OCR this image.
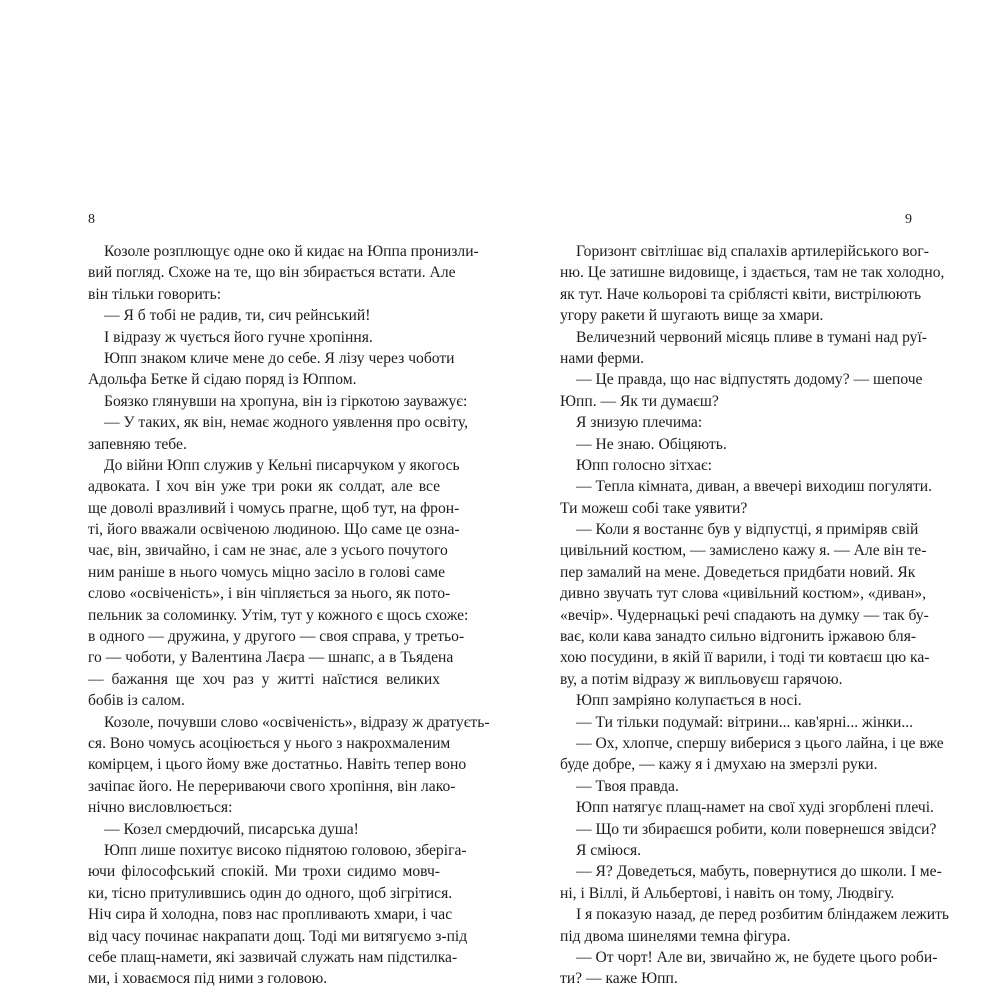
8
Козоле розплющує одне око й кидає на Юппа пронизли-
вий погляд. Схоже на те, що він збирається встати. Але
він тільки говорить:
— Я б тобі не радив, ти, сич рейнський!
І відразу ж чується його гучне хропіння.
Юпп знаком кличе мене до себе. Я лізу через чоботи
Адольфа Бетке й сідаю поряд із Юппом.
Боязко глянувши на хропуна, він із гіркотою зауважує:
— У таких, як він, немає жодного уявлення про освіту,
запевняю тебе.
До війни Юпп служив у Кельні писарчуком у якогось
адвоката. І хоч він уже три роки як солдат, але все
ще доволі вразливий і чомусь прагне, щоб тут, на фрон-
ті, його вважали освіченою людиною. Що саме це озна-
чає, він, звичайно, і сам не знає, але з усього почутого
ним раніше в нього чомусь міцно засіло в голові саме
слово «освіченість», і він чіпляється за нього, як пото-
пельник за соломинку. Утім, тут у кожного є щось схоже:
в одного — дружина, у другого — своя справа, у третьо-
го — чоботи, у Валентина Лаєра — шнапс, а в Тьядена
— бажання ще хоч раз у житті наїстися великих
бобів із салом.
Козоле, почувши слово «освіченість», відразу ж дратуєть-
ся. Воно чомусь асоціюється у нього з накрохмаленим
комірцем, і цього йому вже достатньо. Навіть тепер воно
зачіпає його. Не перериваючи свого хропіння, він лако-
нічно висловлюється:
— Козел смердючий, писарська душа!
Юпп лише похитує високо піднятою головою, зберіга-
ючи філософський спокій. Ми трохи сидимо мовч-
ки, тісно притулившись один до одного, щоб зігрітися.
Ніч сира й холодна, повз нас пропливають хмари, і час
від часу починає накрапати дощ. Тоді ми витягуємо з-під
себе плащ-намети, які зазвичай служать нам підстилка-
ми, і ховаємося під ними з головою.
9
Горизонт світлішає від спалахів артилерійського вог-
ню. Це затишне видовище, і здається, там не так холодно,
як тут. Наче кольорові та сріблясті квіти, вистрілюють
угору ракети й шугають вище за хмари.
Величезний червоний місяць пливе в тумані над руї-
нами ферми.
— Це правда, що нас відпустять додому? — шепоче
Юпп. — Як ти думаєш?
Я знизую плечима:
— Не знаю. Обіцяють.
Юпп голосно зітхає:
— Тепла кімната, диван, а ввечері виходиш погуляти.
Ти можеш собі таке уявити?
— Коли я востаннє був у відпустці, я приміряв свій
цивільний костюм, — замислено кажу я. — Але він те-
пер замалий на мене. Доведеться придбати новий. Як
дивно звучать тут слова «цивільний костюм», «диван»,
«вечір». Чудернацькі речі спадають на думку — так бу-
ває, коли кава занадто сильно відгонить іржавою бля-
хою посудини, в якій її варили, і тоді ти ковтаєш цю ка-
ву, а потім відразу ж випльовуєш гарячою.
Юпп замріяно колупається в носі.
— Ти тільки подумай: вітрини... кав'ярні... жінки...
— Ох, хлопче, спершу виберися з цього лайна, і це вже
буде добре, — кажу я і дмухаю на змерзлі руки.
— Твоя правда.
Юпп натягує плащ-намет на свої худі згорблені плечі.
— Що ти збираєшся робити, коли повернешся звідси?
Я сміюся.
— Я? Доведеться, мабуть, повернутися до школи. І ме-
ні, і Віллі, й Альбертові, і навіть он тому, Людвігу.
І я показую назад, де перед розбитим бліндажем лежить
під двома шинелями темна фігура.
— От чорт! Але ви, звичайно ж, не будете цього роби-
ти? — каже Юпп.
